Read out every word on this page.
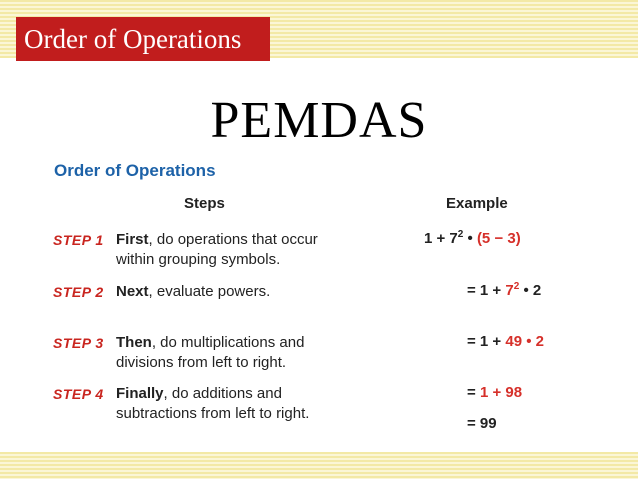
Order of Operations
PEMDAS
Order of Operations
Steps	Example
STEP 1 First, do operations that occur
within grouping symbols.
STEP 2 Next, evaluate powers.
STEP 3 Then, do multiplications and
divisions from left to right.
STEP 4 Finally, do additions and
subtractions from left to right.
$1 + 7^2$ • (5 − 3)
= $1 + 7^2$ • 2
= 1 + 49 • 2
= 1 + 98
= 99
